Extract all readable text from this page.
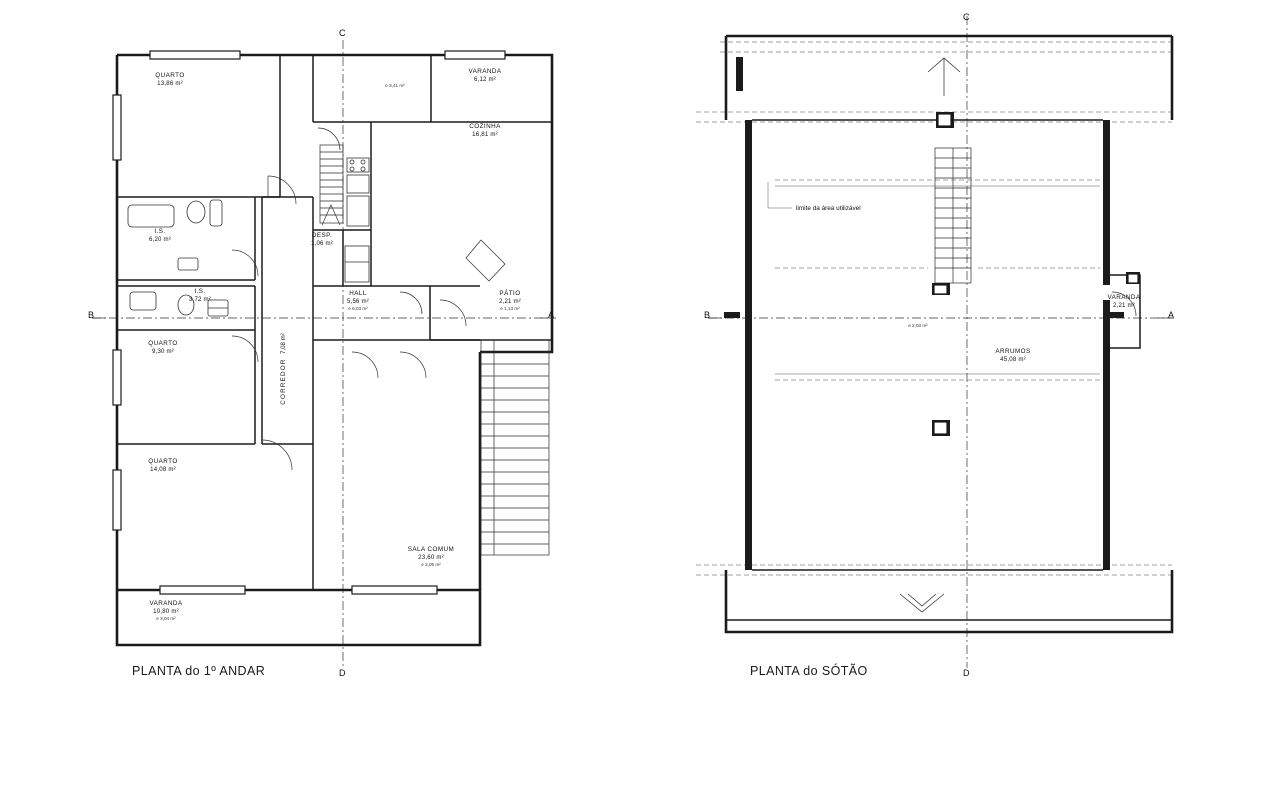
QUARTO
13,86 m²
VARANDA
6,12 m²
e 3,41 m²
COZINHA
16,81 m²
I.S.
6,20 m²
DESP.
1,06 m²
I.S.
3,72 m²
HALL
5,56 m²
e 6,03 m²
PÁTIO
2,21 m²
e 1,13 m²
QUARTO
9,30 m²
CORREDOR 7,08 m²
QUARTO
14,08 m²
SALA COMUM
23,60 m²
e 2,05 m²
VARANDA
10,80 m²
e 3,04 m²
C
D
B	A
PLANTA do 1º ANDAR
ARRUMOS
45,08 m²
VARANDA
2,21 m²
e 2,03 m²
limite da área utilizável
C
D
B	A
PLANTA do SÓTÃO
